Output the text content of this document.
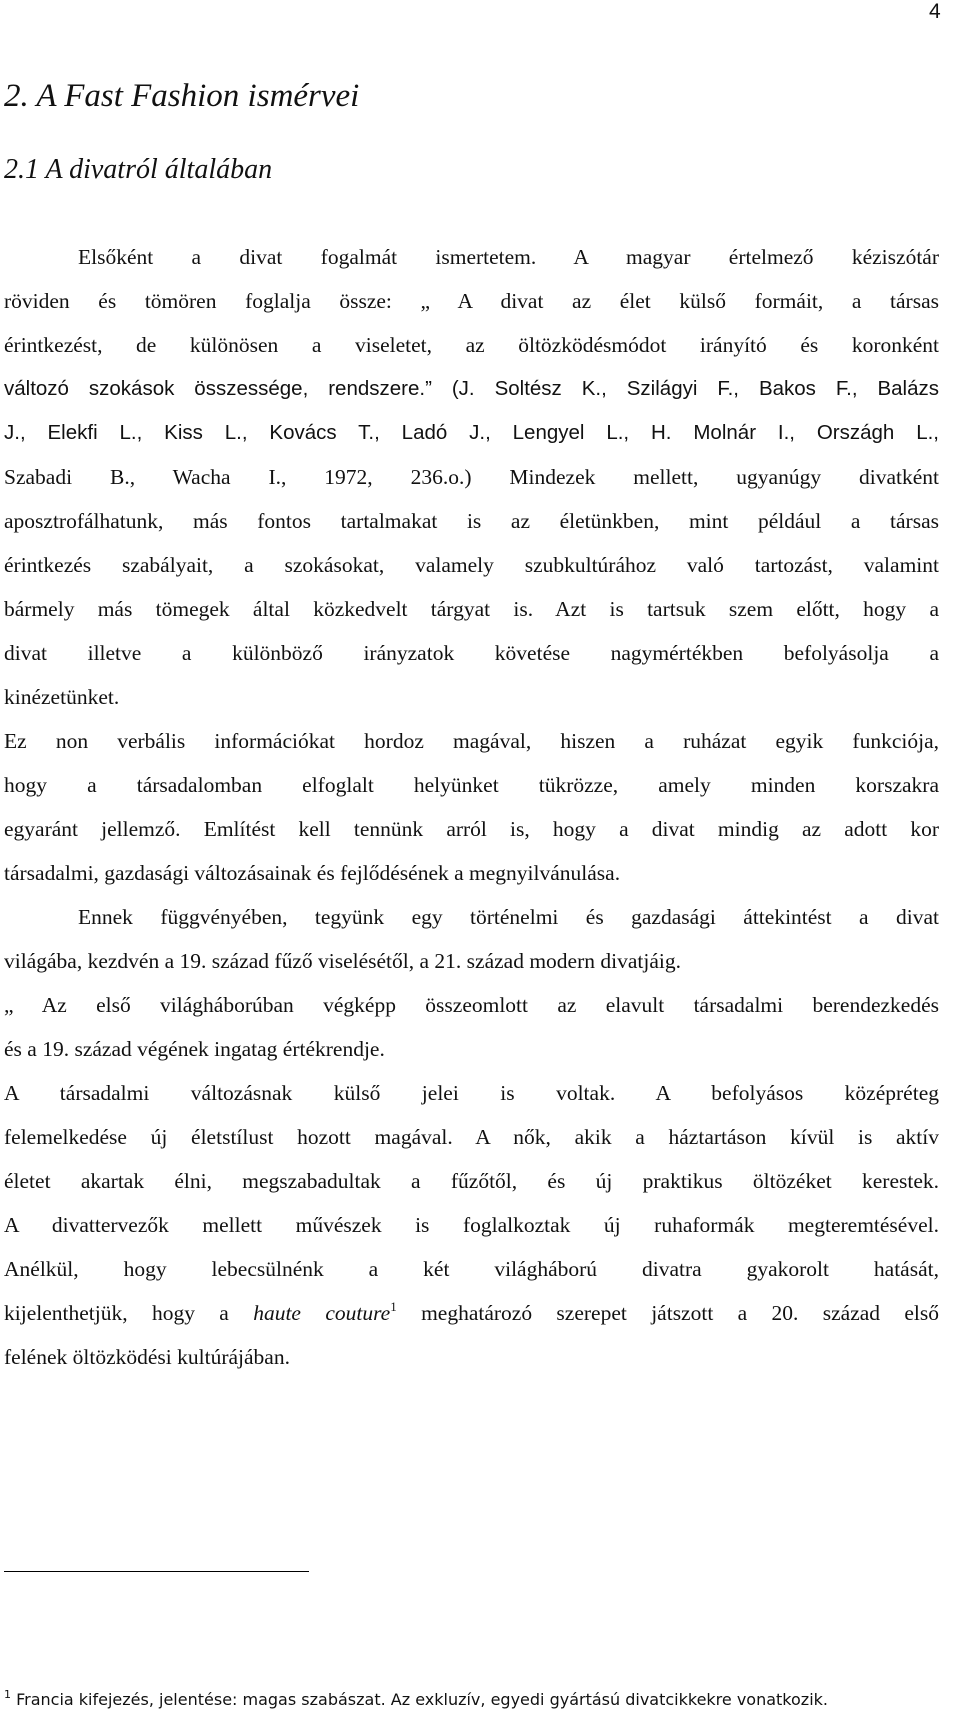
4
2. A Fast Fashion ismérvei
2.1 A divatról általában
Elsőként a divat fogalmát ismertetem. A magyar értelmező kéziszótár
röviden és tömören foglalja össze: „ A divat az élet külső formáit, a társas
érintkezést, de különösen a viseletet, az öltözködésmódot irányító és koronként
változó szokások összessége, rendszere.” (J. Soltész K., Szilágyi F., Bakos F., Balázs
J., Elekfi L., Kiss L., Kovács T., Ladó J., Lengyel L., H. Molnár I., Országh L.,
Szabadi B., Wacha I., 1972, 236.o.) Mindezek mellett, ugyanúgy divatként
aposztrofálhatunk, más fontos tartalmakat is az életünkben, mint például a társas
érintkezés szabályait, a szokásokat, valamely szubkultúrához való tartozást, valamint
bármely más tömegek által közkedvelt tárgyat is. Azt is tartsuk szem előtt, hogy a
divat illetve a különböző irányzatok követése nagymértékben befolyásolja a
kinézetünket.
Ez non verbális információkat hordoz magával, hiszen a ruházat egyik funkciója,
hogy a társadalomban elfoglalt helyünket tükrözze, amely minden korszakra
egyaránt jellemző. Említést kell tennünk arról is, hogy a divat mindig az adott kor
társadalmi, gazdasági változásainak és fejlődésének a megnyilvánulása.
Ennek függvényében, tegyünk egy történelmi és gazdasági áttekintést a divat
világába, kezdvén a 19. század fűző viselésétől, a 21. század modern divatjáig.
„ Az első világháborúban végképp összeomlott az elavult társadalmi berendezkedés
és a 19. század végének ingatag értékrendje.
A társadalmi változásnak külső jelei is voltak. A befolyásos középréteg
felemelkedése új életstílust hozott magával. A nők, akik a háztartáson kívül is aktív
életet akartak élni, megszabadultak a fűzőtől, és új praktikus öltözéket kerestek.
A divattervezők mellett művészek is foglalkoztak új ruhaformák megteremtésével.
Anélkül, hogy lebecsülnénk a két világháború divatra gyakorolt hatását,
kijelenthetjük, hogy a haute couture$^1$ meghatározó szerepet játszott a 20. század első
felének öltözködési kultúrájában.
$^1$ Francia kifejezés, jelentése: magas szabászat. Az exkluzív, egyedi gyártású divatcikkekre vonatkozik.
